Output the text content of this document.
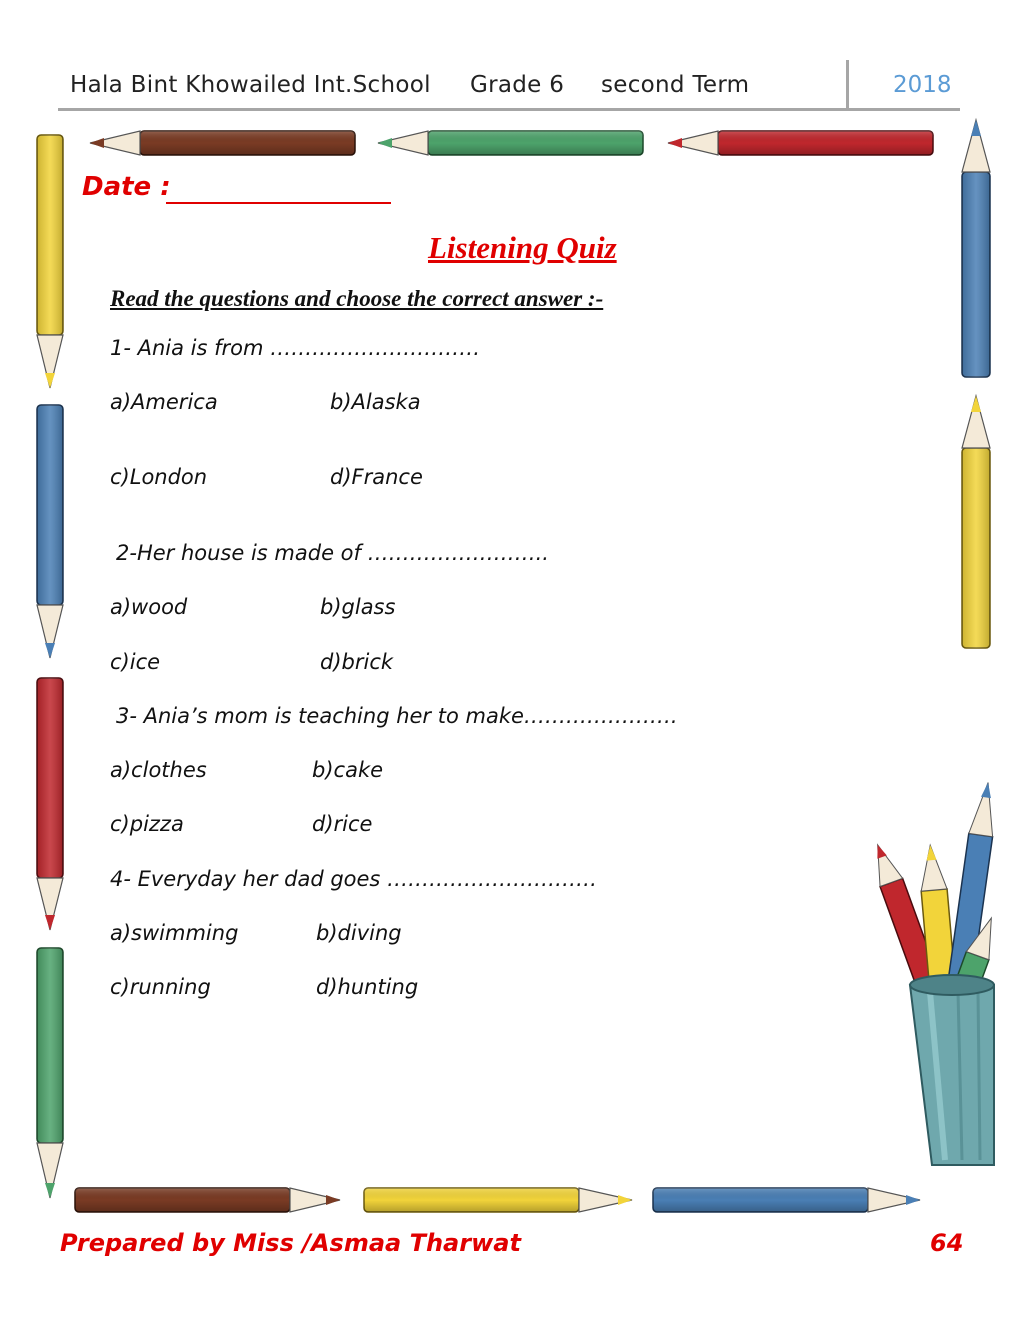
Hala Bint Khowailed Int.School Grade 6 second Term	2018
Date :
Listening Quiz
Read the questions and choose the correct answer :-
1- Ania is from …………………………
a)America	b)Alaska
c)London	d)France
2-Her house is made of ……………………..
a)wood	b)glass
c)ice	d)brick
3- Ania’s mom is teaching her to make………………….
a)clothes	b)cake
c)pizza	d)rice
4- Everyday her dad goes …………………………
a)swimming	b)diving
c)running	d)hunting
Prepared by Miss /Asmaa Tharwat	64
